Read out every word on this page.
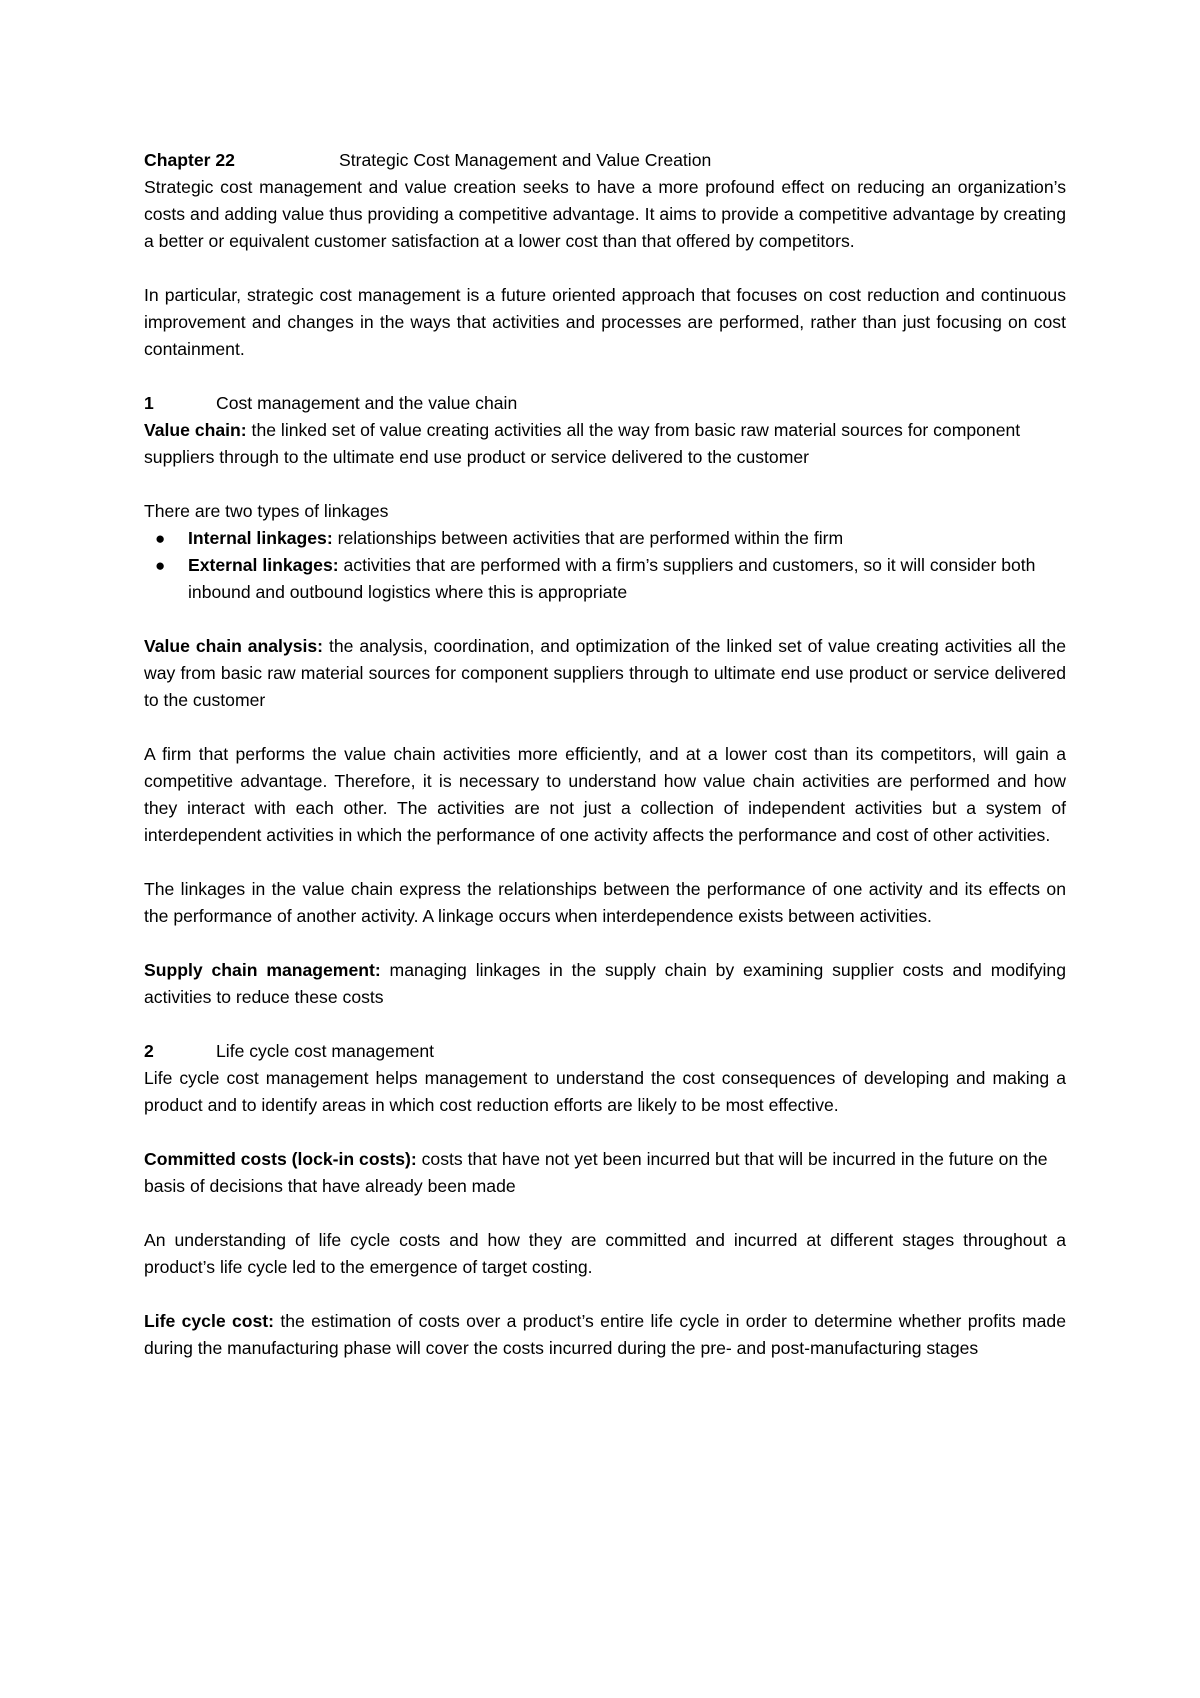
Chapter 22	Strategic Cost Management and Value Creation

Strategic cost management and value creation seeks to have a more profound effect on reducing an organization’s costs and adding value thus providing a competitive advantage. It aims to provide a competitive advantage by creating a better or equivalent customer satisfaction at a lower cost than that offered by competitors.

In particular, strategic cost management is a future oriented approach that focuses on cost reduction and continuous improvement and changes in the ways that activities and processes are performed, rather than just focusing on cost containment.

1	Cost management and the value chain

Value chain: the linked set of value creating activities all the way from basic raw material sources for component suppliers through to the ultimate end use product or service delivered to the customer

There are two types of linkages

● Internal linkages: relationships between activities that are performed within the firm
● External linkages: activities that are performed with a firm’s suppliers and customers, so it will consider both inbound and outbound logistics where this is appropriate

Value chain analysis: the analysis, coordination, and optimization of the linked set of value creating activities all the way from basic raw material sources for component suppliers through to ultimate end use product or service delivered to the customer

A firm that performs the value chain activities more efficiently, and at a lower cost than its competitors, will gain a competitive advantage. Therefore, it is necessary to understand how value chain activities are performed and how they interact with each other. The activities are not just a collection of independent activities but a system of interdependent activities in which the performance of one activity affects the performance and cost of other activities.

The linkages in the value chain express the relationships between the performance of one activity and its effects on the performance of another activity. A linkage occurs when interdependence exists between activities.

Supply chain management: managing linkages in the supply chain by examining supplier costs and modifying activities to reduce these costs

2	Life cycle cost management

Life cycle cost management helps management to understand the cost consequences of developing and making a product and to identify areas in which cost reduction efforts are likely to be most effective.

Committed costs (lock-in costs): costs that have not yet been incurred but that will be incurred in the future on the basis of decisions that have already been made

An understanding of life cycle costs and how they are committed and incurred at different stages throughout a product’s life cycle led to the emergence of target costing.

Life cycle cost: the estimation of costs over a product’s entire life cycle in order to determine whether profits made during the manufacturing phase will cover the costs incurred during the pre- and post-manufacturing stages
